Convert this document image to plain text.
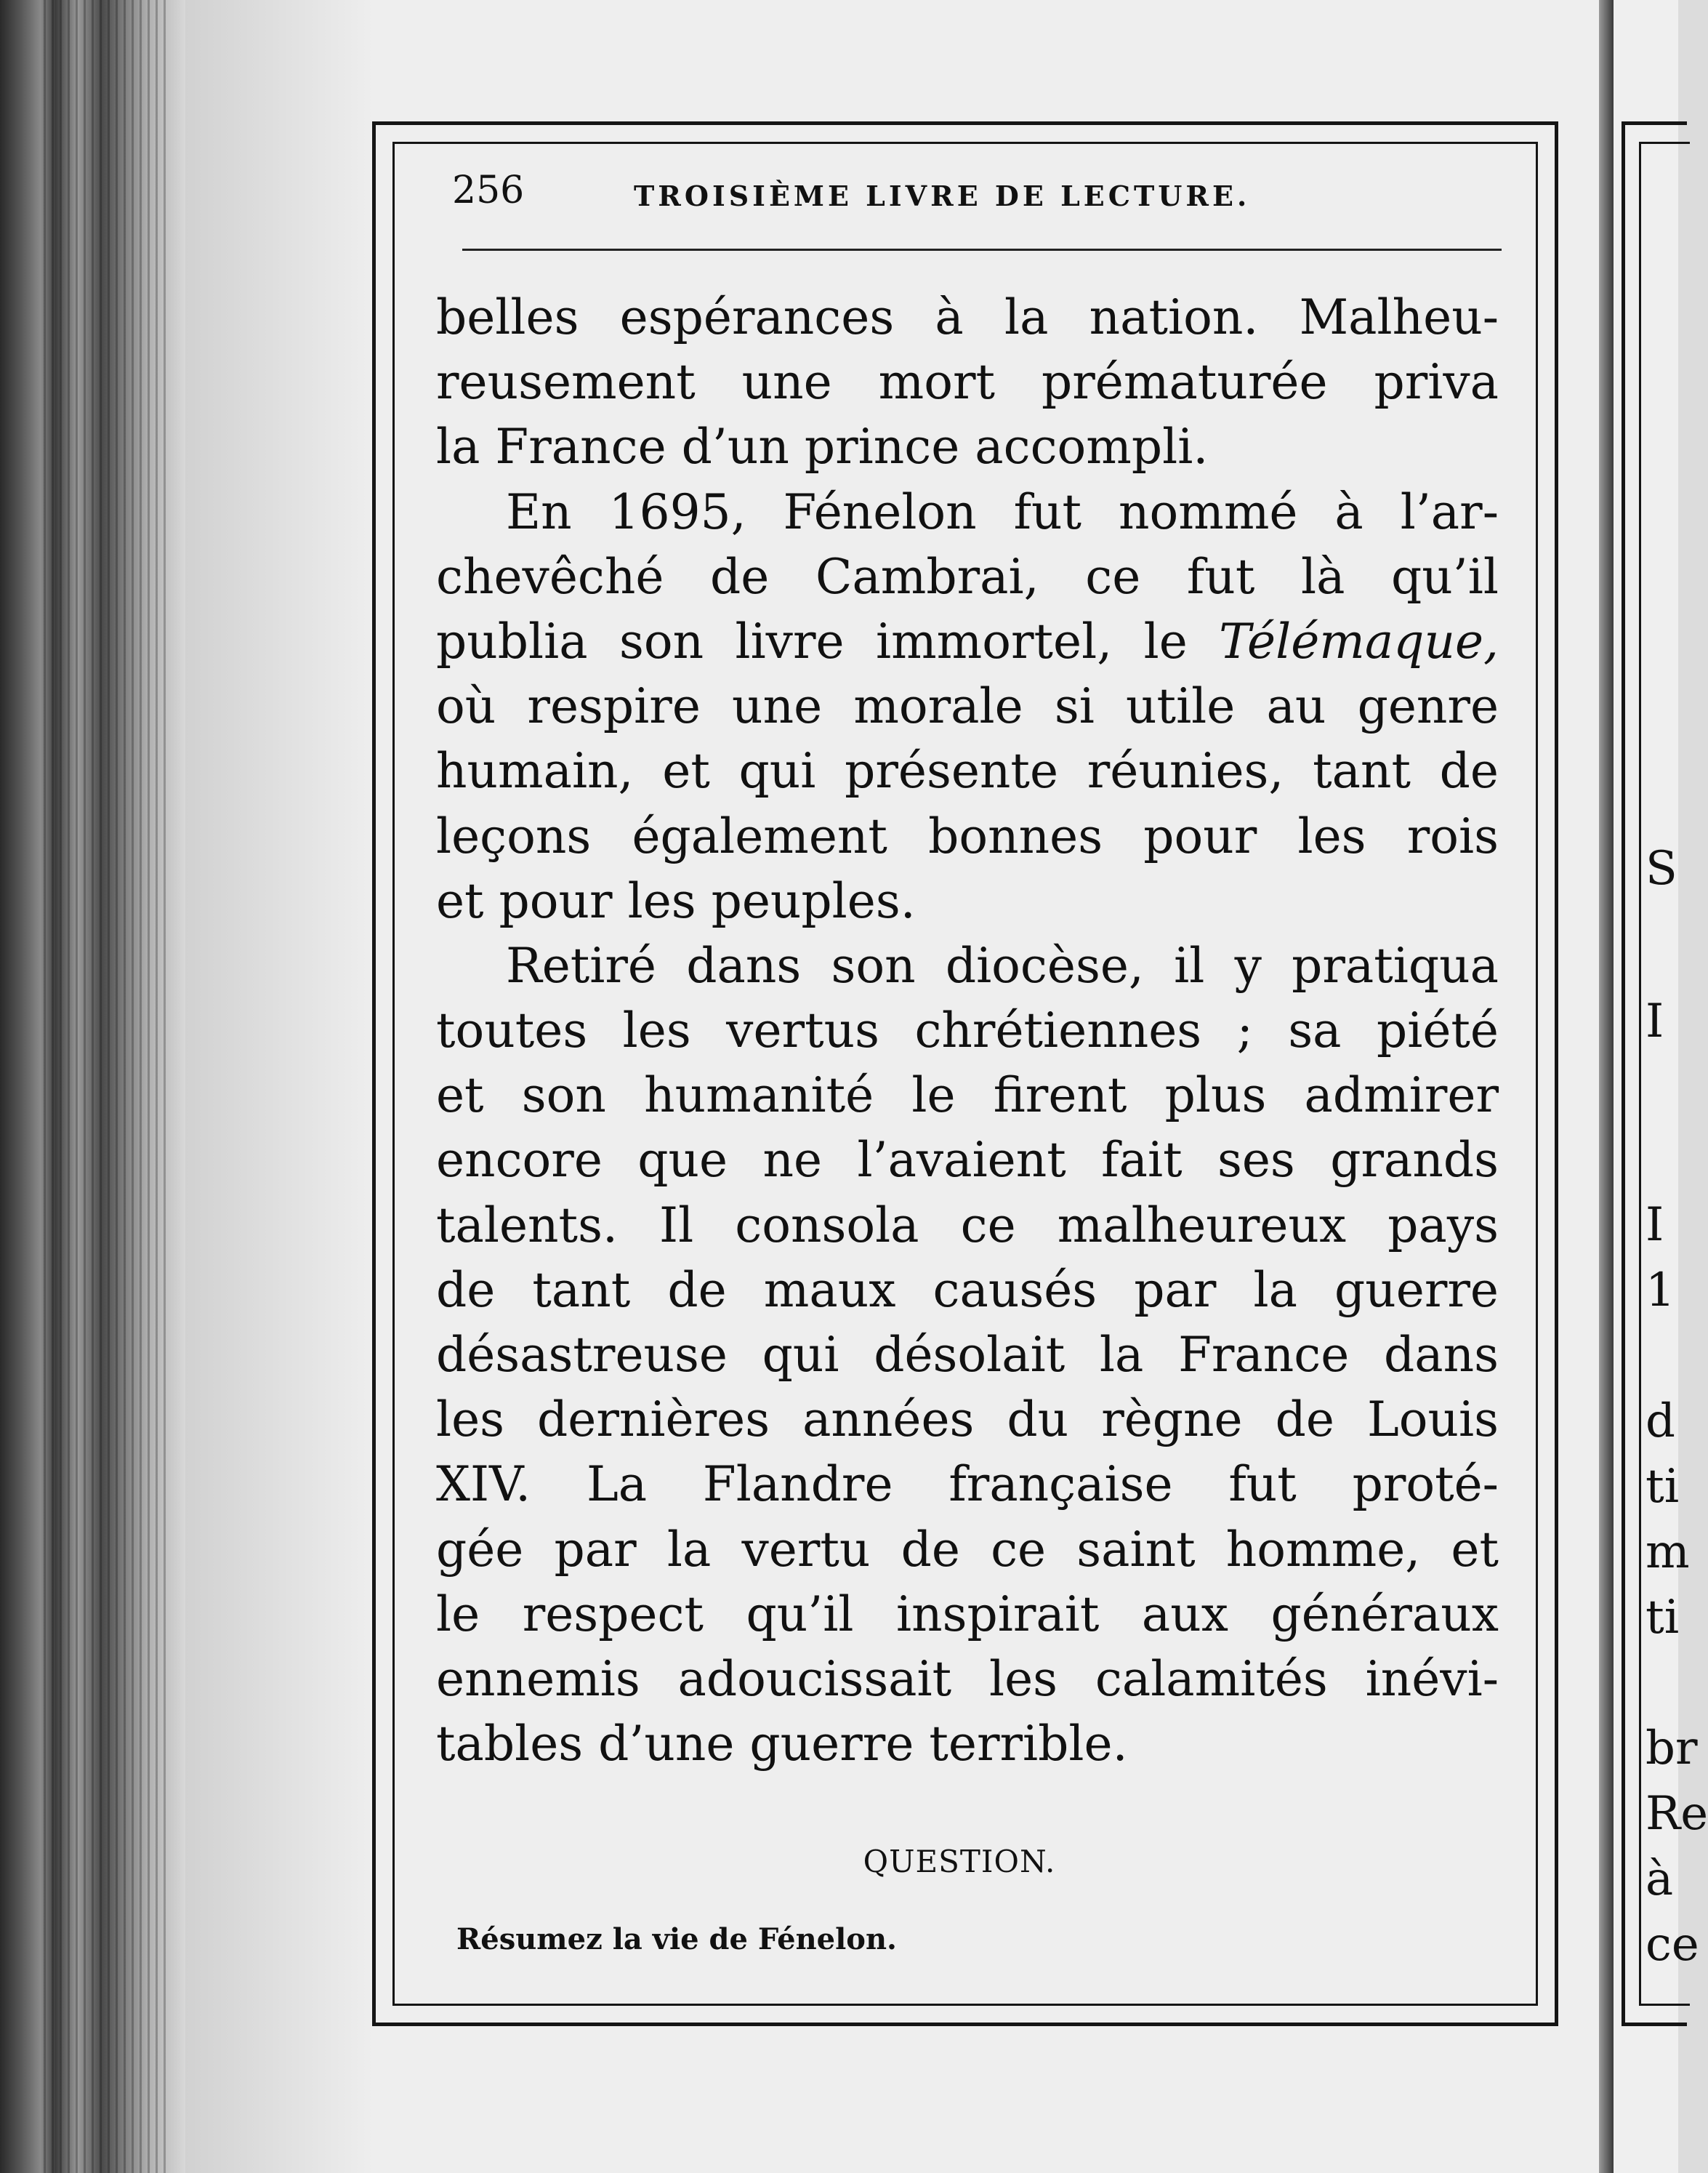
256	TROISIÈME LIVRE DE LECTURE.
belles espérances à la nation. Malheu-
reusement une mort prématurée priva
la France d’un prince accompli.
En 1695, Fénelon fut nommé à l’ar-
chevêché de Cambrai, ce fut là qu’il
publia son livre immortel, le Télémaque,
où respire une morale si utile au genre
humain, et qui présente réunies, tant de
leçons également bonnes pour les rois
et pour les peuples.
Retiré dans son diocèse, il y pratiqua
toutes les vertus chrétiennes ; sa piété
et son humanité le firent plus admirer
encore que ne l’avaient fait ses grands
talents. Il consola ce malheureux pays
de tant de maux causés par la guerre
désastreuse qui désolait la France dans
les dernières années du règne de Louis
XIV. La Flandre française fut proté-
gée par la vertu de ce saint homme, et
le respect qu’il inspirait aux généraux
ennemis adoucissait les calamités inévi-
tables d’une guerre terrible.
QUESTION.
Résumez la vie de Fénelon.
S
I
I
1
d
ti
m
ti
br
Re
à
ce
